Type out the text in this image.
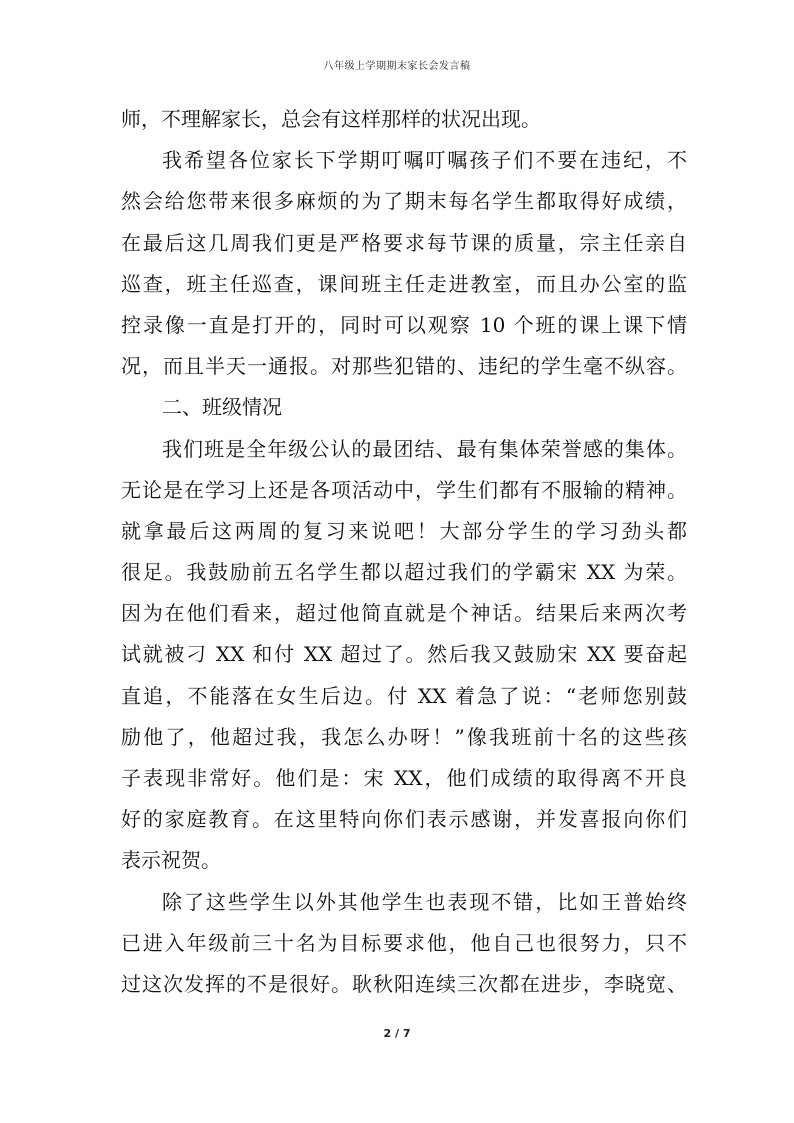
八年级上学期期末家长会发言稿
师，不理解家长，总会有这样那样的状况出现。
我希望各位家长下学期叮嘱叮嘱孩子们不要在违纪，不
然会给您带来很多麻烦的为了期末每名学生都取得好成绩，
在最后这几周我们更是严格要求每节课的质量，宗主任亲自
巡查，班主任巡查，课间班主任走进教室，而且办公室的监
控录像一直是打开的，同时可以观察 10 个班的课上课下情
况，而且半天一通报。对那些犯错的、违纪的学生毫不纵容。
二、班级情况
我们班是全年级公认的最团结、最有集体荣誉感的集体。
无论是在学习上还是各项活动中，学生们都有不服输的精神。
就拿最后这两周的复习来说吧！大部分学生的学习劲头都
很足。我鼓励前五名学生都以超过我们的学霸宋 XX 为荣。
因为在他们看来，超过他简直就是个神话。结果后来两次考
试就被刁 XX 和付 XX 超过了。然后我又鼓励宋 XX 要奋起
直追，不能落在女生后边。付 XX 着急了说：“老师您别鼓
励他了，他超过我，我怎么办呀！”像我班前十名的这些孩
子表现非常好。他们是：宋 XX，他们成绩的取得离不开良
好的家庭教育。在这里特向你们表示感谢，并发喜报向你们
表示祝贺。
除了这些学生以外其他学生也表现不错，比如王普始终
已进入年级前三十名为目标要求他，他自己也很努力，只不
过这次发挥的不是很好。耿秋阳连续三次都在进步，李晓宽、
2 / 7
